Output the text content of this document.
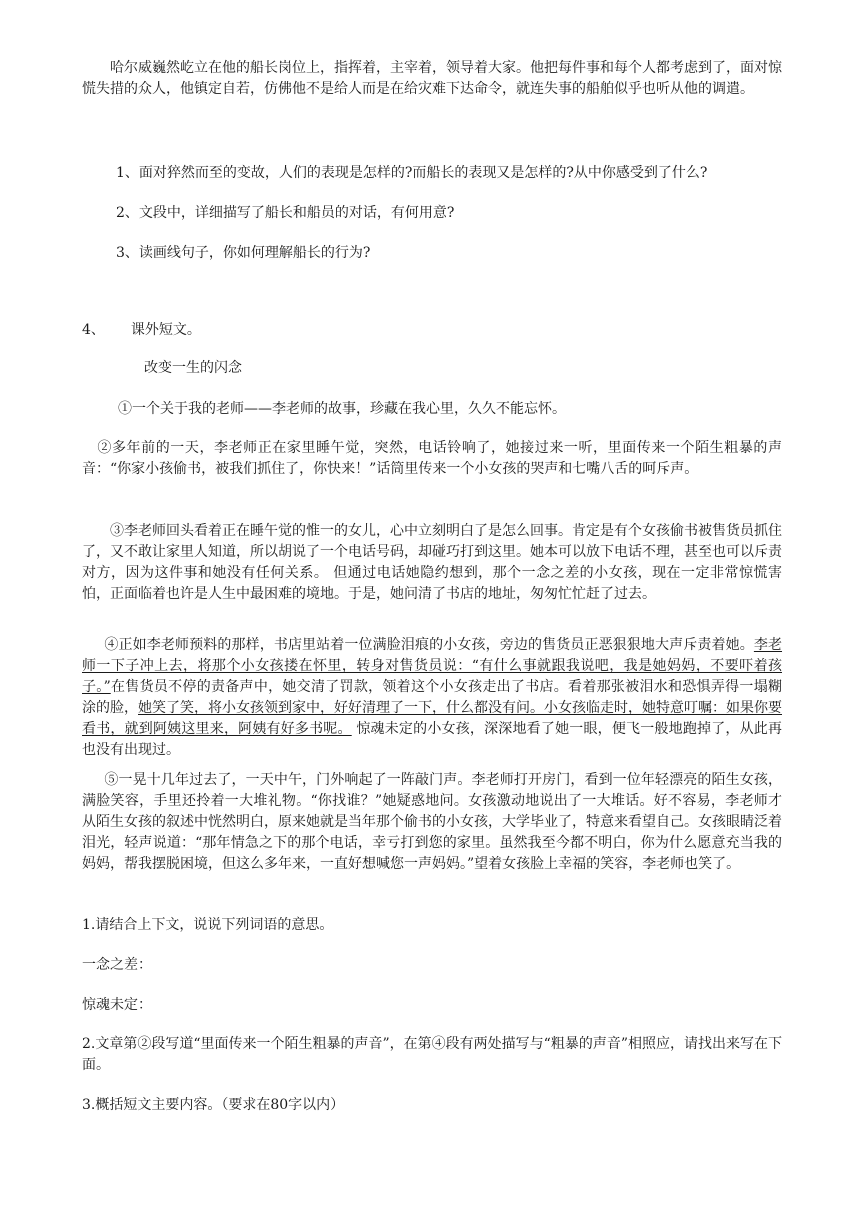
哈尔威巍然屹立在他的船长岗位上，指挥着，主宰着，领导着大家。他把每件事和每个人都考虑到了，面对惊慌失措的众人，他镇定自若，仿佛他不是给人而是在给灾难下达命令，就连失事的船舶似乎也听从他的调遣。

1、面对猝然而至的变故，人们的表现是怎样的?而船长的表现又是怎样的?从中你感受到了什么?

2、文段中，详细描写了船长和船员的对话，有何用意?

3、读画线句子，你如何理解船长的行为?

4、 课外短文。

改变一生的闪念

①一个关于我的老师——李老师的故事，珍藏在我心里，久久不能忘怀。

②多年前的一天，李老师正在家里睡午觉，突然，电话铃响了，她接过来一听，里面传来一个陌生粗暴的声音：“你家小孩偷书，被我们抓住了，你快来！”话筒里传来一个小女孩的哭声和七嘴八舌的呵斥声。

③李老师回头看着正在睡午觉的惟一的女儿，心中立刻明白了是怎么回事。肯定是有个女孩偷书被售货员抓住了，又不敢让家里人知道，所以胡说了一个电话号码，却碰巧打到这里。她本可以放下电话不理，甚至也可以斥责对方，因为这件事和她没有任何关系。 但通过电话她隐约想到，那个一念之差的小女孩，现在一定非常惊慌害怕，正面临着也许是人生中最困难的境地。于是，她问清了书店的地址，匆匆忙忙赶了过去。

④正如李老师预料的那样，书店里站着一位满脸泪痕的小女孩，旁边的售货员正恶狠狠地大声斥责着她。李老师一下子冲上去，将那个小女孩搂在怀里，转身对售货员说：“有什么事就跟我说吧，我是她妈妈，不要吓着孩子。”在售货员不停的责备声中，她交清了罚款，领着这个小女孩走出了书店。看着那张被泪水和恐惧弄得一塌糊涂的脸，她笑了笑，将小女孩领到家中，好好清理了一下，什么都没有问。小女孩临走时，她特意叮嘱：如果你要看书，就到阿姨这里来，阿姨有好多书呢。 惊魂未定的小女孩，深深地看了她一眼，便飞一般地跑掉了，从此再也没有出现过。

⑤一晃十几年过去了，一天中午，门外响起了一阵敲门声。李老师打开房门，看到一位年轻漂亮的陌生女孩，满脸笑容，手里还拎着一大堆礼物。“你找谁？”她疑惑地问。女孩激动地说出了一大堆话。好不容易，李老师才从陌生女孩的叙述中恍然明白，原来她就是当年那个偷书的小女孩，大学毕业了，特意来看望自己。女孩眼睛泛着泪光，轻声说道：“那年情急之下的那个电话，幸亏打到您的家里。虽然我至今都不明白，你为什么愿意充当我的妈妈，帮我摆脱困境，但这么多年来，一直好想喊您一声妈妈。”望着女孩脸上幸福的笑容，李老师也笑了。

1.请结合上下文，说说下列词语的意思。

一念之差：

惊魂未定：

2.文章第②段写道“里面传来一个陌生粗暴的声音”，在第④段有两处描写与“粗暴的声音”相照应，请找出来写在下面。

3.概括短文主要内容。（要求在80字以内）
